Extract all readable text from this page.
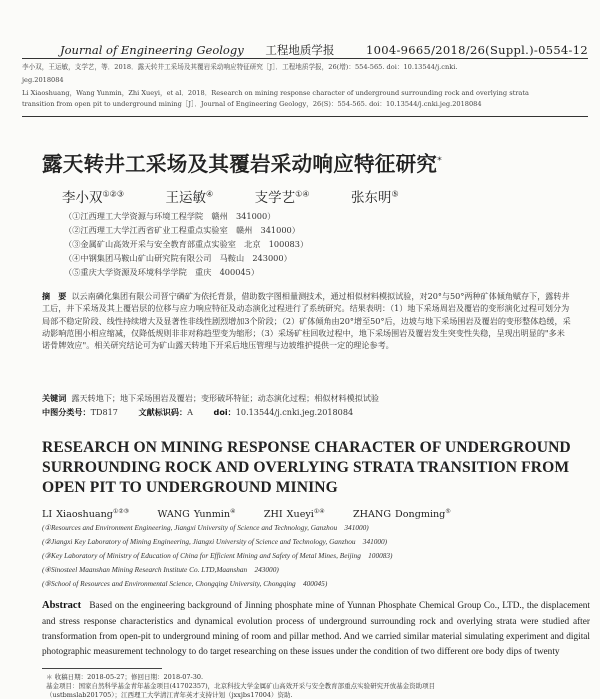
Journal of Engineering Geology 工程地质学报	1004-9665/2018/26(Suppl.)-0554-12
李小双，王运敏，支学艺，等．2018．露天转井工采场及其覆岩采动响应特征研究［J］．工程地质学报，26(增)：554-565. doi：10.13544/j.cnki.
jeg.2018084
Li Xiaoshuang，Wang Yunmin，Zhi Xueyi，et al．2018．Research on mining response character of underground surrounding rock and overlying strata
transition from open pit to underground mining［J］．Journal of Engineering Geology，26(S)：554-565. doi：10.13544/j.cnki.jeg.2018084
露天转井工采场及其覆岩采动响应特征研究*
李小双①②③	王运敏④	支学艺①④	张东明⑤
（①江西理工大学资源与环境工程学院　赣州　341000）
（②江西理工大学江西省矿业工程重点实验室　赣州　341000）
（③金属矿山高效开采与安全教育部重点实验室　北京　100083）
（④中钢集团马鞍山矿山研究院有限公司　马鞍山　243000）
（⑤重庆大学资源及环境科学学院　重庆　400045）
摘　要 以云南磷化集团有限公司晋宁磷矿为依托背景，借助数字图相量测技术，通过相似材料模拟试验，对20°与50°两种矿体倾角赋存下，露转井工后，井下采场及其上覆岩层的位移与应力响应特征及动态演化过程进行了系统研究。结果表明：（1）地下采场周岩及覆岩的变形演化过程可划分为局部不稳定阶段、线性持续增大及显著性非线性剧烈增加3个阶段；（2）矿体倾角由20°增至50°后，边坡与地下采场围岩及覆岩的变形整体趋缓，采动影响范围小相应缩减，仅降低规则非非对称趋型变为缩形；（3）采场矿柱回收过程中，地下采场围岩及覆岩发生突变性失稳，呈现出明显的"多米诺骨牌效应"。相关研究结论可为矿山露天转地下开采后地压管理与边坡维护提供一定的理论参考。
关键词 露天转地下；地下采场围岩及覆岩；变形破坏特征；动态演化过程；相似材料模拟试验
中图分类号：TD817	文献标识码：A	doi：10.13544/j.cnki.jeg.2018084
RESEARCH ON MINING RESPONSE CHARACTER OF UNDERGROUND SURROUNDING ROCK AND OVERLYING STRATA TRANSITION FROM OPEN PIT TO UNDERGROUND MINING
LI Xiaoshuang①②③	WANG Yunmin④	ZHI Xueyi①④	ZHANG Dongming⑤
(①Resources and Environment Engineering, Jiangxi University of Science and Technology, Ganzhou　341000)
(②Jiangxi Key Laboratory of Mining Engineering, Jiangxi University of Science and Technology, Ganzhou　341000)
(③Key Laboratory of Ministry of Education of China for Efficient Mining and Safety of Metal Mines, Beijing　100083)
(④Sinosteel Maanshan Mining Research Institute Co. LTD,Maanshan　243000)
(⑤School of Resources and Environmental Science, Chongqing University, Chongqing　400045)
Abstract Based on the engineering background of Jinning phosphate mine of Yunnan Phosphate Chemical Group Co., LTD., the displacement and stress response characteristics and dynamical evolution process of underground surrounding rock and overlying strata were studied after transformation from open-pit to underground mining of room and pillar method. And we carried similar material simulating experiment and digital photographic measurement technology to do target researching on these issues under the condition of two different ore body dips of twenty
＊ 收稿日期：2018-05-27；修回日期：2018-07-30.
基金项目：国家自然科学基金青年基金项目(41702357)，北京科技大学金属矿山高效开采与安全教育部重点实验研究开放基金资助项目
（ustbmslab201705）；江西理工大学清江青年英才支持计划（jxxjbs17004）资助.
